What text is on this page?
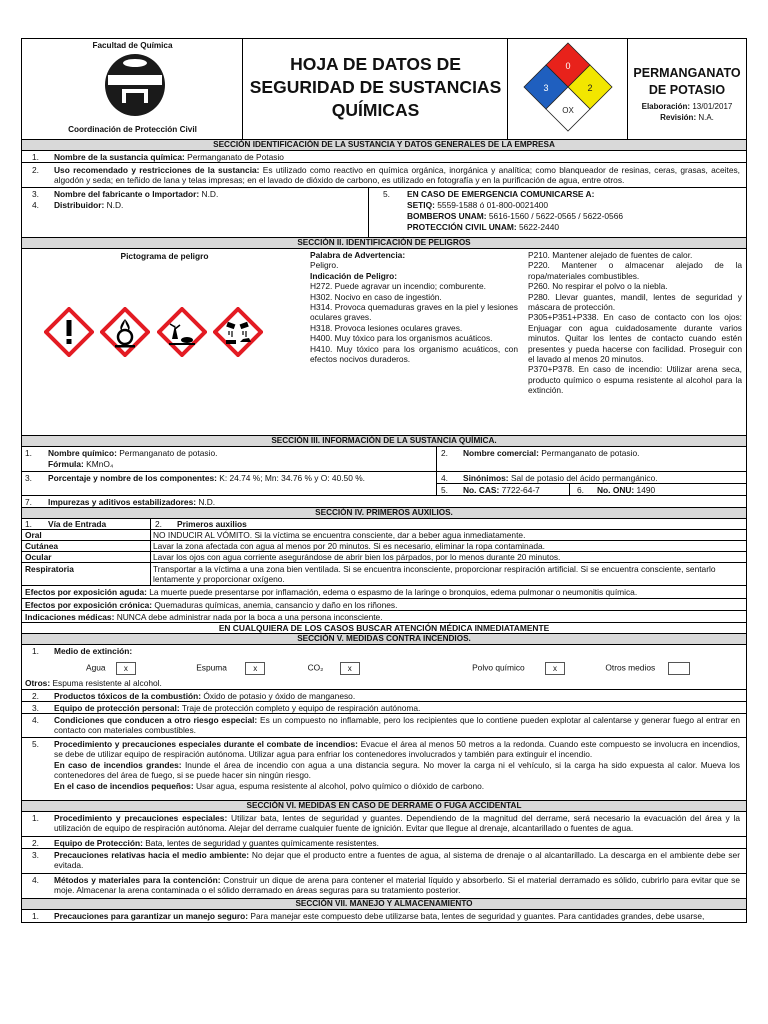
Facultad de Química
Coordinación de Protección Civil
HOJA DE DATOS DE SEGURIDAD DE SUSTANCIAS QUÍMICAS
0
3	2
OX
PERMANGANATO DE POTASIO
Elaboración: 13/01/2017
Revisión: N.A.
SECCIÓN IDENTIFICACIÓN DE LA SUSTANCIA Y DATOS GENERALES DE LA EMPRESA
1. Nombre de la sustancia química: Permanganato de Potasio
2. Uso recomendado y restricciones de la sustancia: Es utilizado como reactivo en química orgánica, inorgánica y analítica; como blanqueador de resinas, ceras, grasas, aceites, algodón y seda; en teñido de lana y telas impresas; en el lavado de dióxido de carbono, es utilizado en fotografía y en la purificación de agua, entre otros.
3. Nombre del fabricante o Importador: N.D.
4. Distribuidor: N.D.
5. EN CASO DE EMERGENCIA COMUNICARSE A:
SETIQ: 5559-1588 ó 01-800-0021400
BOMBEROS UNAM: 5616-1560 / 5622-0565 / 5622-0566
PROTECCIÓN CIVIL UNAM: 5622-2440
SECCIÓN II. IDENTIFICACIÓN DE PELIGROS
Pictograma de peligro
	Palabra de Advertencia:
Peligro.
Indicación de Peligro:
H272. Puede agravar un incendio; comburente.
H302. Nocivo en caso de ingestión.
H314. Provoca quemaduras graves en la piel y lesiones oculares graves.
H318. Provoca lesiones oculares graves.
H400. Muy tóxico para los organismos acuáticos.
H410. Muy tóxico para los organismo acuáticos, con efectos nocivos duraderos.
P210. Mantener alejado de fuentes de calor.
P220. Mantener o almacenar alejado de la ropa/materiales combustibles.
P260. No respirar el polvo o la niebla.
P280. Llevar guantes, mandil, lentes de seguridad y máscara de protección.
P305+P351+P338. En caso de contacto con los ojos: Enjuagar con agua cuidadosamente durante varios minutos. Quitar los lentes de contacto cuando estén presentes y pueda hacerse con facilidad. Proseguir con el lavado al menos 20 minutos.
P370+P378. En caso de incendio: Utilizar arena seca, producto químico o espuma resistente al alcohol para la extinción.
SECCIÓN III. INFORMACIÓN DE LA SUSTANCIA QUÍMICA.
1. Nombre químico: Permanganato de potasio.
Fórmula: KMnO₄
2. Nombre comercial: Permanganato de potasio.
3. Porcentaje y nombre de los componentes: K: 24.74 %; Mn: 34.76 % y O: 40.50 %.	4. Sinónimos: Sal de potasio del ácido permangánico.
5. No. CAS: 7722-64-7	6. No. ONU: 1490
7. Impurezas y aditivos estabilizadores: N.D.
SECCIÓN IV. PRIMEROS AUXILIOS.
1. Vía de Entrada	2. Primeros auxilios
Oral	NO INDUCIR AL VÓMITO. Si la víctima se encuentra consciente, dar a beber agua inmediatamente.
Cutánea	Lavar la zona afectada con agua al menos por 20 minutos. Si es necesario, eliminar la ropa contaminada.
Ocular	Lavar los ojos con agua corriente asegurándose de abrir bien los párpados, por lo menos durante 20 minutos.
Respiratoria	Transportar a la víctima a una zona bien ventilada. Si se encuentra inconsciente, proporcionar respiración artificial. Si se encuentra consciente, sentarlo lentamente y proporcionar oxígeno.
Efectos por exposición aguda: La muerte puede presentarse por inflamación, edema o espasmo de la laringe o bronquios, edema pulmonar o neumonitis química.
Efectos por exposición crónica: Quemaduras químicas, anemia, cansancio y daño en los riñones.
Indicaciones médicas: NUNCA debe administrar nada por la boca a una persona inconsciente.
EN CUALQUIERA DE LOS CASOS BUSCAR ATENCIÓN MÉDICA INMEDIATAMENTE
SECCIÓN V. MEDIDAS CONTRA INCENDIOS.
1. Medio de extinción:
Agua x	Espuma	x	CO₂	x	Polvo químico	x	Otros medios
Otros: Espuma resistente al alcohol.
2. Productos tóxicos de la combustión: Óxido de potasio y óxido de manganeso.
3. Equipo de protección personal: Traje de protección completo y equipo de respiración autónoma.
4. Condiciones que conducen a otro riesgo especial: Es un compuesto no inflamable, pero los recipientes que lo contiene pueden explotar al calentarse y generar fuego al entrar en contacto con materiales combustibles.
5. Procedimiento y precauciones especiales durante el combate de incendios: Evacue el área al menos 50 metros a la redonda. Cuando este compuesto se involucra en incendios, se debe de utilizar equipo de respiración autónoma. Utilizar agua para enfriar los contenedores involucrados y también para extinguir el incendio.
En caso de incendios grandes: Inunde el área de incendio con agua a una distancia segura. No mover la carga ni el vehículo, si la carga ha sido expuesta al calor. Mueva los contenedores del área de fuego, si se puede hacer sin ningún riesgo.
En el caso de incendios pequeños: Usar agua, espuma resistente al alcohol, polvo químico o dióxido de carbono.
SECCIÓN VI. MEDIDAS EN CASO DE DERRAME O FUGA ACCIDENTAL
1. Procedimiento y precauciones especiales: Utilizar bata, lentes de seguridad y guantes. Dependiendo de la magnitud del derrame, será necesario la evacuación del área y la utilización de equipo de respiración autónoma. Alejar del derrame cualquier fuente de ignición. Evitar que llegue al drenaje, alcantarillado o fuentes de agua.
2. Equipo de Protección: Bata, lentes de seguridad y guantes químicamente resistentes.
3. Precauciones relativas hacia el medio ambiente: No dejar que el producto entre a fuentes de agua, al sistema de drenaje o al alcantarillado. La descarga en el ambiente debe ser evitada.
4. Métodos y materiales para la contención: Construir un dique de arena para contener el material líquido y absorberlo. Si el material derramado es sólido, cubrirlo para evitar que se moje. Almacenar la arena contaminada o el sólido derramado en áreas seguras para su tratamiento posterior.
SECCIÓN VII. MANEJO Y ALMACENAMIENTO
1. Precauciones para garantizar un manejo seguro: Para manejar este compuesto debe utilizarse bata, lentes de seguridad y guantes. Para cantidades grandes, debe usarse,
